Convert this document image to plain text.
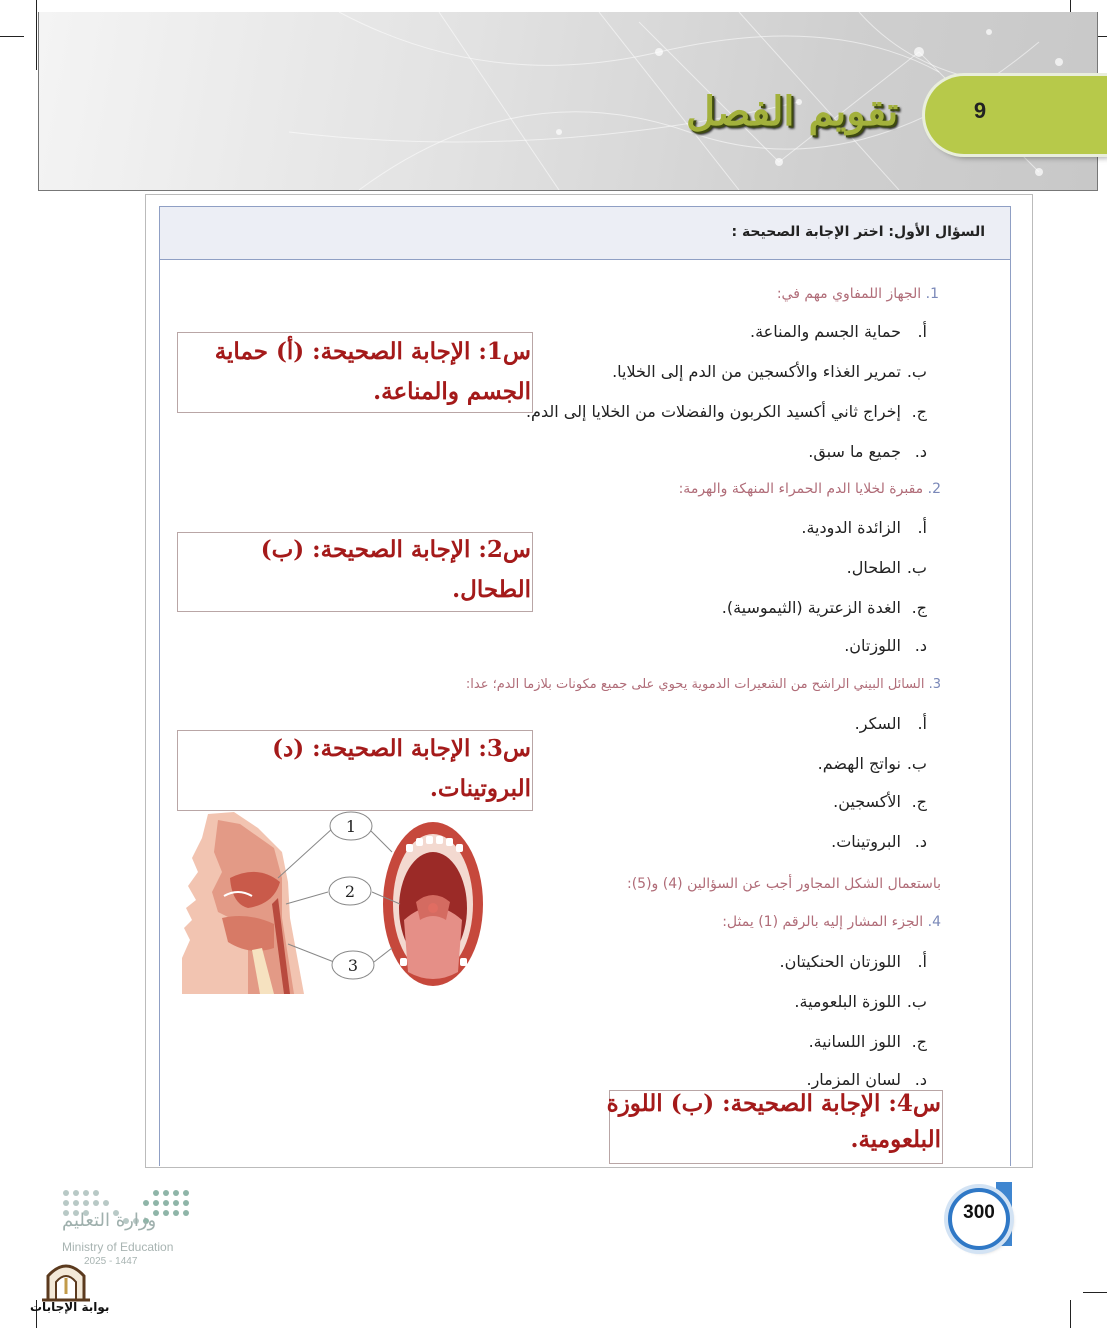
9
تقويم الفصل
السؤال الأول: اختر الإجابة الصحيحة :
1. الجهاز اللمفاوي مهم في:
أ.حماية الجسم والمناعة.
ب.تمرير الغذاء والأكسجين من الدم إلى الخلايا.
ج.إخراج ثاني أكسيد الكربون والفضلات من الخلايا إلى الدم.
د.جميع ما سبق.
2. مقبرة لخلايا الدم الحمراء المنهكة والهرمة:
أ.الزائدة الدودية.
ب.الطحال.
ج.الغدة الزعترية (الثيموسية).
د.اللوزتان.
3. السائل البيني الراشح من الشعيرات الدموية يحوي على جميع مكونات بلازما الدم؛ عدا:
أ.السكر.
ب.نواتج الهضم.
ج.الأكسجين.
د.البروتينات.
باستعمال الشكل المجاور أجب عن السؤالين (4) و(5):
4. الجزء المشار إليه بالرقم (1) يمثل:
أ.اللوزتان الحنكيتان.
ب.اللوزة البلعومية.
ج.اللوز اللسانية.
د.لسان المزمار.
س1: الإجابة الصحيحة: (أ) حماية
الجسم والمناعة.
س2: الإجابة الصحيحة: (ب)
الطحال.
س3: الإجابة الصحيحة: (د)
البروتينات.
س4: الإجابة الصحيحة: (ب) اللوزة
البلعومية.
1
2
3
وزارة التعليم
Ministry of Education
2025 - 1447
بوابة الإجابات
300
